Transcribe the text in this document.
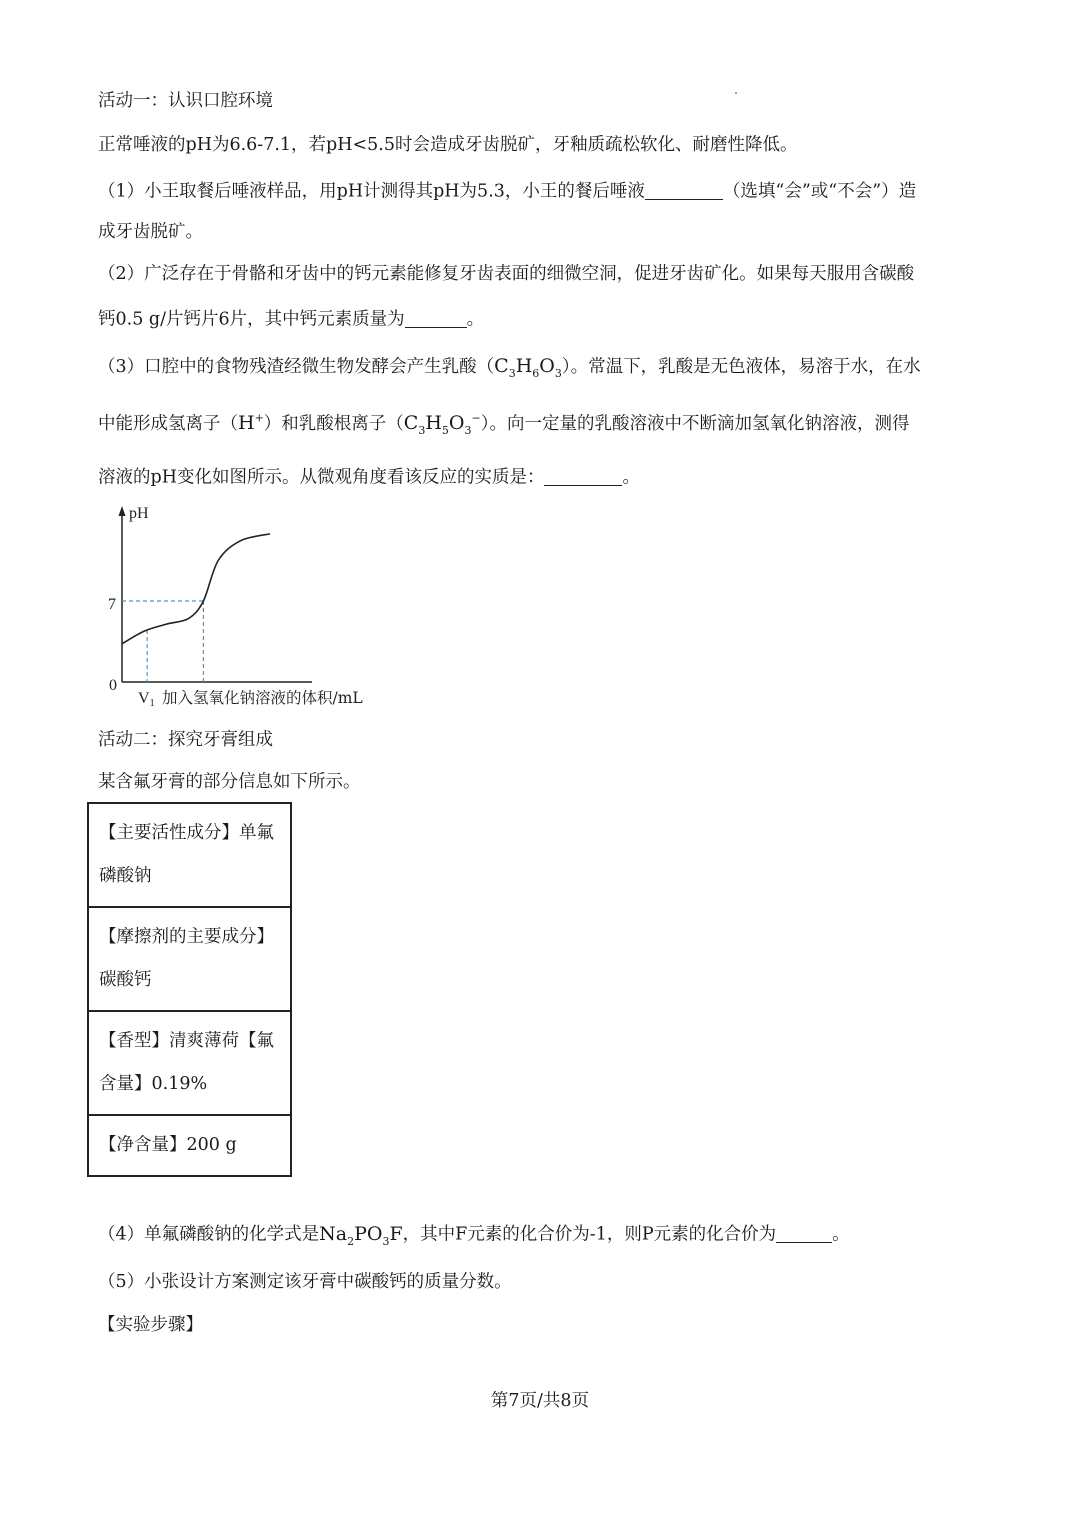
活动一：认识口腔环境
正常唾液的pH为6.6-7.1，若pH<5.5时会造成牙齿脱矿，牙釉质疏松软化、耐磨性降低。
（1）小王取餐后唾液样品，用pH计测得其pH为5.3，小王的餐后唾液	（选填“会”或“不会”）造
成牙齿脱矿。
（2）广泛存在于骨骼和牙齿中的钙元素能修复牙齿表面的细微空洞，促进牙齿矿化。如果每天服用含碳酸
钙0.5 g/片钙片6片，其中钙元素质量为	。
（3）口腔中的食物残渣经微生物发酵会产生乳酸$(C_3H_6O_3)$。常温下，乳酸是无色液体，易溶于水，在水
中能形成氢离子（H+）和乳酸根离子$(C_3H_5O_3^-)$。向一定量的乳酸溶液中不断滴加氢氧化钠溶液，测得
溶液的pH变化如图所示。从微观角度看该反应的实质是：	。
pH
0
7
V1 加入氢氧化钠溶液的体积/mL
活动二：探究牙膏组成
某含氟牙膏的部分信息如下所示。
【主要活性成分】单氟磷酸钠
【摩擦剂的主要成分】碳酸钙
【香型】清爽薄荷【氟含量】0.19%
【净含量】200 g
（4）单氟磷酸钠的化学式是$Na_2PO_3F$，其中F元素的化合价为-1，则P元素的化合价为	。
（5）小张设计方案测定该牙膏中碳酸钙的质量分数。
【实验步骤】
第7页/共8页
